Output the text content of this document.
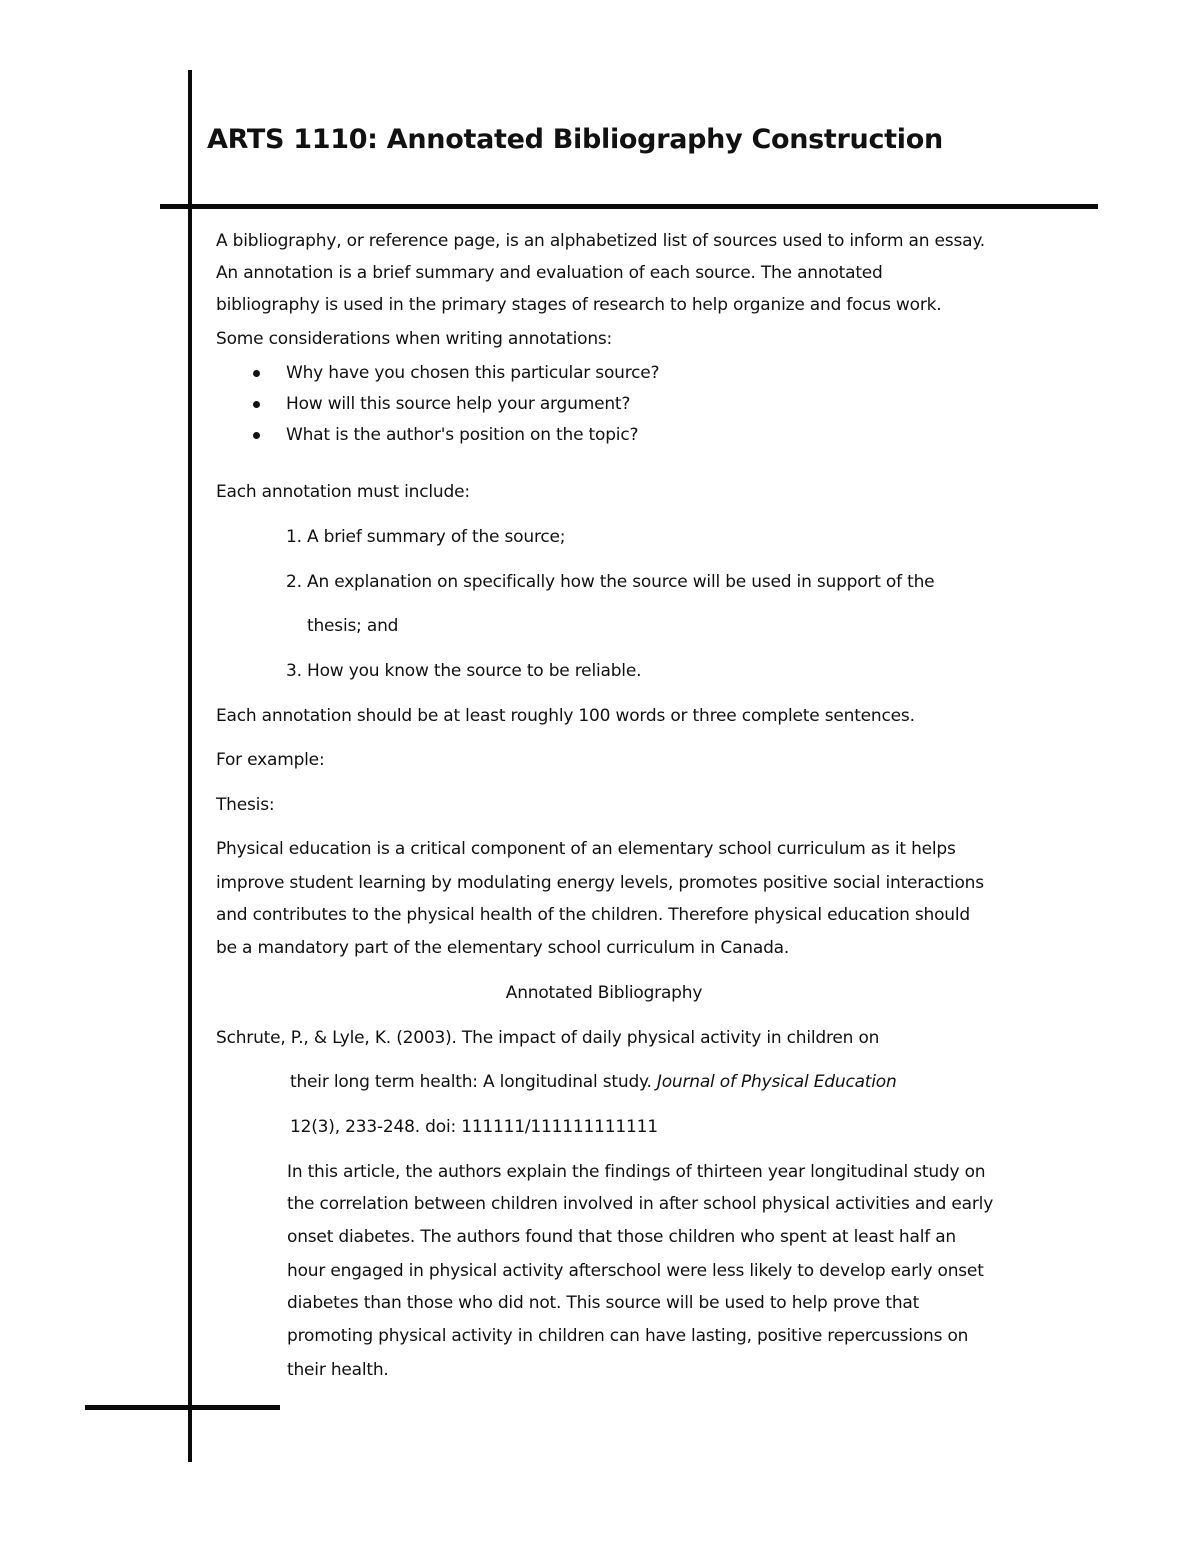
ARTS 1110: Annotated Bibliography Construction

A bibliography, or reference page, is an alphabetized list of sources used to inform an essay.

An annotation is a brief summary and evaluation of each source. The annotated

bibliography is used in the primary stages of research to help organize and focus work.

Some considerations when writing annotations:

Why have you chosen this particular source?

How will this source help your argument?

What is the author's position on the topic?

Each annotation must include:

1. A brief summary of the source;

2. An explanation on specifically how the source will be used in support of the

thesis; and

3. How you know the source to be reliable.

Each annotation should be at least roughly 100 words or three complete sentences.

For example:

Thesis:

Physical education is a critical component of an elementary school curriculum as it helps

improve student learning by modulating energy levels, promotes positive social interactions

and contributes to the physical health of the children. Therefore physical education should

be a mandatory part of the elementary school curriculum in Canada.

Annotated Bibliography

Schrute, P., & Lyle, K. (2003). The impact of daily physical activity in children on

their long term health: A longitudinal study. Journal of Physical Education

12(3), 233-248. doi: 111111/111111111111

In this article, the authors explain the findings of thirteen year longitudinal study on

the correlation between children involved in after school physical activities and early

onset diabetes. The authors found that those children who spent at least half an

hour engaged in physical activity afterschool were less likely to develop early onset

diabetes than those who did not. This source will be used to help prove that

promoting physical activity in children can have lasting, positive repercussions on

their health.
